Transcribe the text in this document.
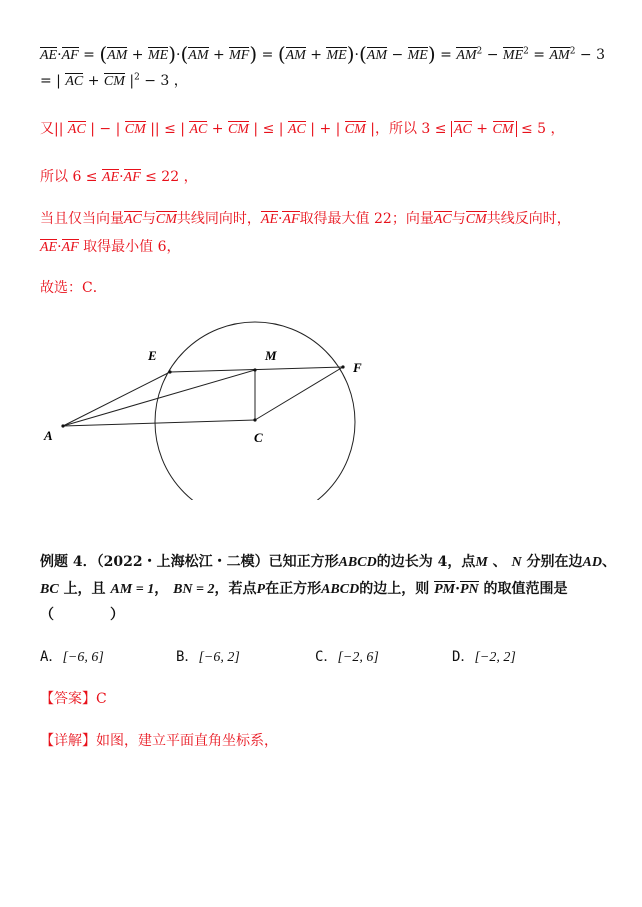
$AE\cdot AF = (AM + ME)\cdot(AM + MF) = (AM + ME)\cdot(AM - ME) = AM^2 - ME^2 = AM^2 - 3$
= | AC + CM $|^2 - 3$ ，
又|| AC | − | CM || ≤ | AC + CM | ≤ | AC | + | CM |，所以 3 ≤ AC + CM ≤ 5 ，
所以 6 ≤ AE·AF ≤ 22 ，
当且仅当向量AC与CM共线同向时，AE·AF取得最大值 22；向量AC与CM共线反向时，
AE·AF 取得最小值 6，
故选：C．
E	M
F
A	C
例题 4．（2022・上海松江・二模）已知正方形ABCD的边长为 4，点M 、 N 分别在边AD、
BC 上，且 AM = 1， BN = 2，若点P在正方形ABCD的边上，则 PM·PN 的取值范围是
（　　　　）
A．[−6, 6]	B．[−6, 2]	C．[−2, 6]	D．[−2, 2]
【答案】C
【详解】如图，建立平面直角坐标系，
